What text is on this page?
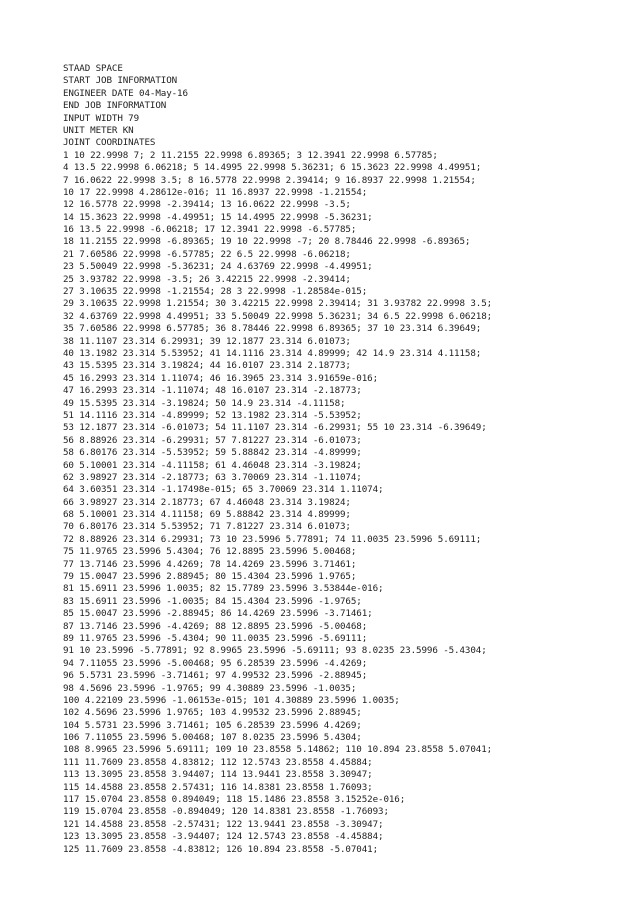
STAAD SPACE
START JOB INFORMATION
ENGINEER DATE 04-May-16
END JOB INFORMATION
INPUT WIDTH 79
UNIT METER KN
JOINT COORDINATES
1 10 22.9998 7; 2 11.2155 22.9998 6.89365; 3 12.3941 22.9998 6.57785;
4 13.5 22.9998 6.06218; 5 14.4995 22.9998 5.36231; 6 15.3623 22.9998 4.49951;
7 16.0622 22.9998 3.5; 8 16.5778 22.9998 2.39414; 9 16.8937 22.9998 1.21554;
10 17 22.9998 4.28612e-016; 11 16.8937 22.9998 -1.21554;
12 16.5778 22.9998 -2.39414; 13 16.0622 22.9998 -3.5;
14 15.3623 22.9998 -4.49951; 15 14.4995 22.9998 -5.36231;
16 13.5 22.9998 -6.06218; 17 12.3941 22.9998 -6.57785;
18 11.2155 22.9998 -6.89365; 19 10 22.9998 -7; 20 8.78446 22.9998 -6.89365;
21 7.60586 22.9998 -6.57785; 22 6.5 22.9998 -6.06218;
23 5.50049 22.9998 -5.36231; 24 4.63769 22.9998 -4.49951;
25 3.93782 22.9998 -3.5; 26 3.42215 22.9998 -2.39414;
27 3.10635 22.9998 -1.21554; 28 3 22.9998 -1.28584e-015;
29 3.10635 22.9998 1.21554; 30 3.42215 22.9998 2.39414; 31 3.93782 22.9998 3.5;
32 4.63769 22.9998 4.49951; 33 5.50049 22.9998 5.36231; 34 6.5 22.9998 6.06218;
35 7.60586 22.9998 6.57785; 36 8.78446 22.9998 6.89365; 37 10 23.314 6.39649;
38 11.1107 23.314 6.29931; 39 12.1877 23.314 6.01073;
40 13.1982 23.314 5.53952; 41 14.1116 23.314 4.89999; 42 14.9 23.314 4.11158;
43 15.5395 23.314 3.19824; 44 16.0107 23.314 2.18773;
45 16.2993 23.314 1.11074; 46 16.3965 23.314 3.91659e-016;
47 16.2993 23.314 -1.11074; 48 16.0107 23.314 -2.18773;
49 15.5395 23.314 -3.19824; 50 14.9 23.314 -4.11158;
51 14.1116 23.314 -4.89999; 52 13.1982 23.314 -5.53952;
53 12.1877 23.314 -6.01073; 54 11.1107 23.314 -6.29931; 55 10 23.314 -6.39649;
56 8.88926 23.314 -6.29931; 57 7.81227 23.314 -6.01073;
58 6.80176 23.314 -5.53952; 59 5.88842 23.314 -4.89999;
60 5.10001 23.314 -4.11158; 61 4.46048 23.314 -3.19824;
62 3.98927 23.314 -2.18773; 63 3.70069 23.314 -1.11074;
64 3.60351 23.314 -1.17498e-015; 65 3.70069 23.314 1.11074;
66 3.98927 23.314 2.18773; 67 4.46048 23.314 3.19824;
68 5.10001 23.314 4.11158; 69 5.88842 23.314 4.89999;
70 6.80176 23.314 5.53952; 71 7.81227 23.314 6.01073;
72 8.88926 23.314 6.29931; 73 10 23.5996 5.77891; 74 11.0035 23.5996 5.69111;
75 11.9765 23.5996 5.4304; 76 12.8895 23.5996 5.00468;
77 13.7146 23.5996 4.4269; 78 14.4269 23.5996 3.71461;
79 15.0047 23.5996 2.88945; 80 15.4304 23.5996 1.9765;
81 15.6911 23.5996 1.0035; 82 15.7789 23.5996 3.53844e-016;
83 15.6911 23.5996 -1.0035; 84 15.4304 23.5996 -1.9765;
85 15.0047 23.5996 -2.88945; 86 14.4269 23.5996 -3.71461;
87 13.7146 23.5996 -4.4269; 88 12.8895 23.5996 -5.00468;
89 11.9765 23.5996 -5.4304; 90 11.0035 23.5996 -5.69111;
91 10 23.5996 -5.77891; 92 8.9965 23.5996 -5.69111; 93 8.0235 23.5996 -5.4304;
94 7.11055 23.5996 -5.00468; 95 6.28539 23.5996 -4.4269;
96 5.5731 23.5996 -3.71461; 97 4.99532 23.5996 -2.88945;
98 4.5696 23.5996 -1.9765; 99 4.30889 23.5996 -1.0035;
100 4.22109 23.5996 -1.06153e-015; 101 4.30889 23.5996 1.0035;
102 4.5696 23.5996 1.9765; 103 4.99532 23.5996 2.88945;
104 5.5731 23.5996 3.71461; 105 6.28539 23.5996 4.4269;
106 7.11055 23.5996 5.00468; 107 8.0235 23.5996 5.4304;
108 8.9965 23.5996 5.69111; 109 10 23.8558 5.14862; 110 10.894 23.8558 5.07041;
111 11.7609 23.8558 4.83812; 112 12.5743 23.8558 4.45884;
113 13.3095 23.8558 3.94407; 114 13.9441 23.8558 3.30947;
115 14.4588 23.8558 2.57431; 116 14.8381 23.8558 1.76093;
117 15.0704 23.8558 0.894049; 118 15.1486 23.8558 3.15252e-016;
119 15.0704 23.8558 -0.894049; 120 14.8381 23.8558 -1.76093;
121 14.4588 23.8558 -2.57431; 122 13.9441 23.8558 -3.30947;
123 13.3095 23.8558 -3.94407; 124 12.5743 23.8558 -4.45884;
125 11.7609 23.8558 -4.83812; 126 10.894 23.8558 -5.07041;
